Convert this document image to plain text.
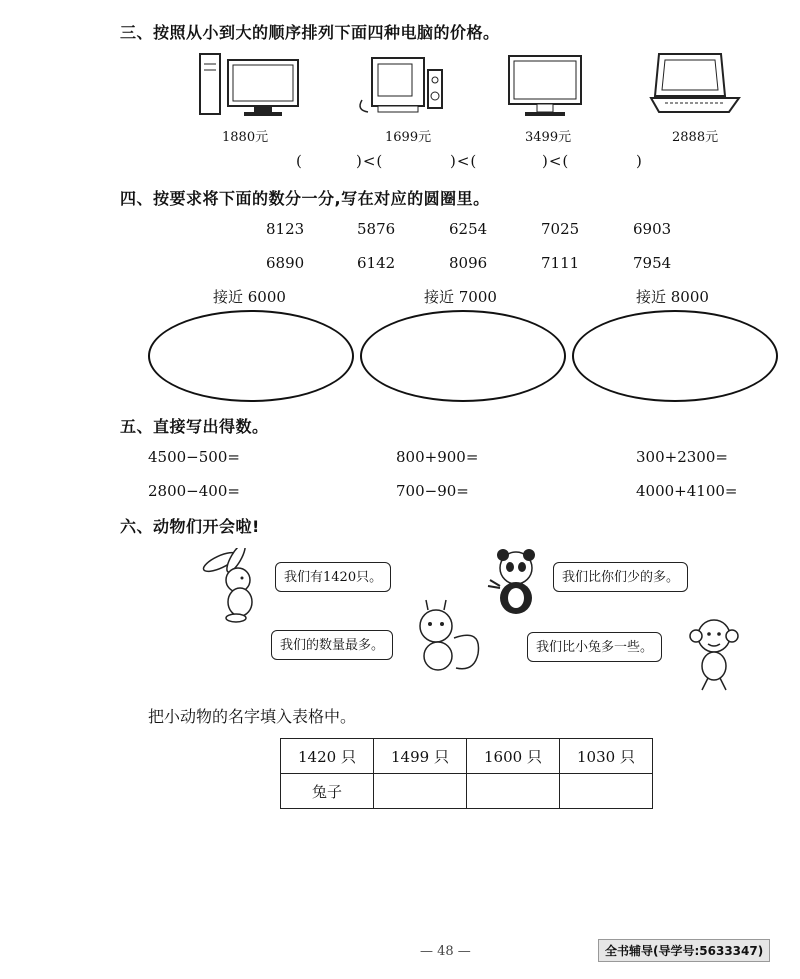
三、按照从小到大的顺序排列下面四种电脑的价格。
1880元	1699元	3499元	2888元
(	)<(	)<(	)<(	)
四、按要求将下面的数分一分,写在对应的圆圈里。
8123	5876	6254	7025	6903
6890	6142	8096	7111	7954
接近 6000	接近 7000	接近 8000
五、直接写出得数。
4500−500=	800+900=	300+2300=
2800−400=	700−90=	4000+4100=
六、动物们开会啦!
我们有1420只。	我们比你们少的多。
我们的数量最多。	我们比小兔多一些。
把小动物的名字填入表格中。
1420 只	1499 只	1600 只	1030 只
兔子			
— 48 —	全书辅导(导学号:5633347)
